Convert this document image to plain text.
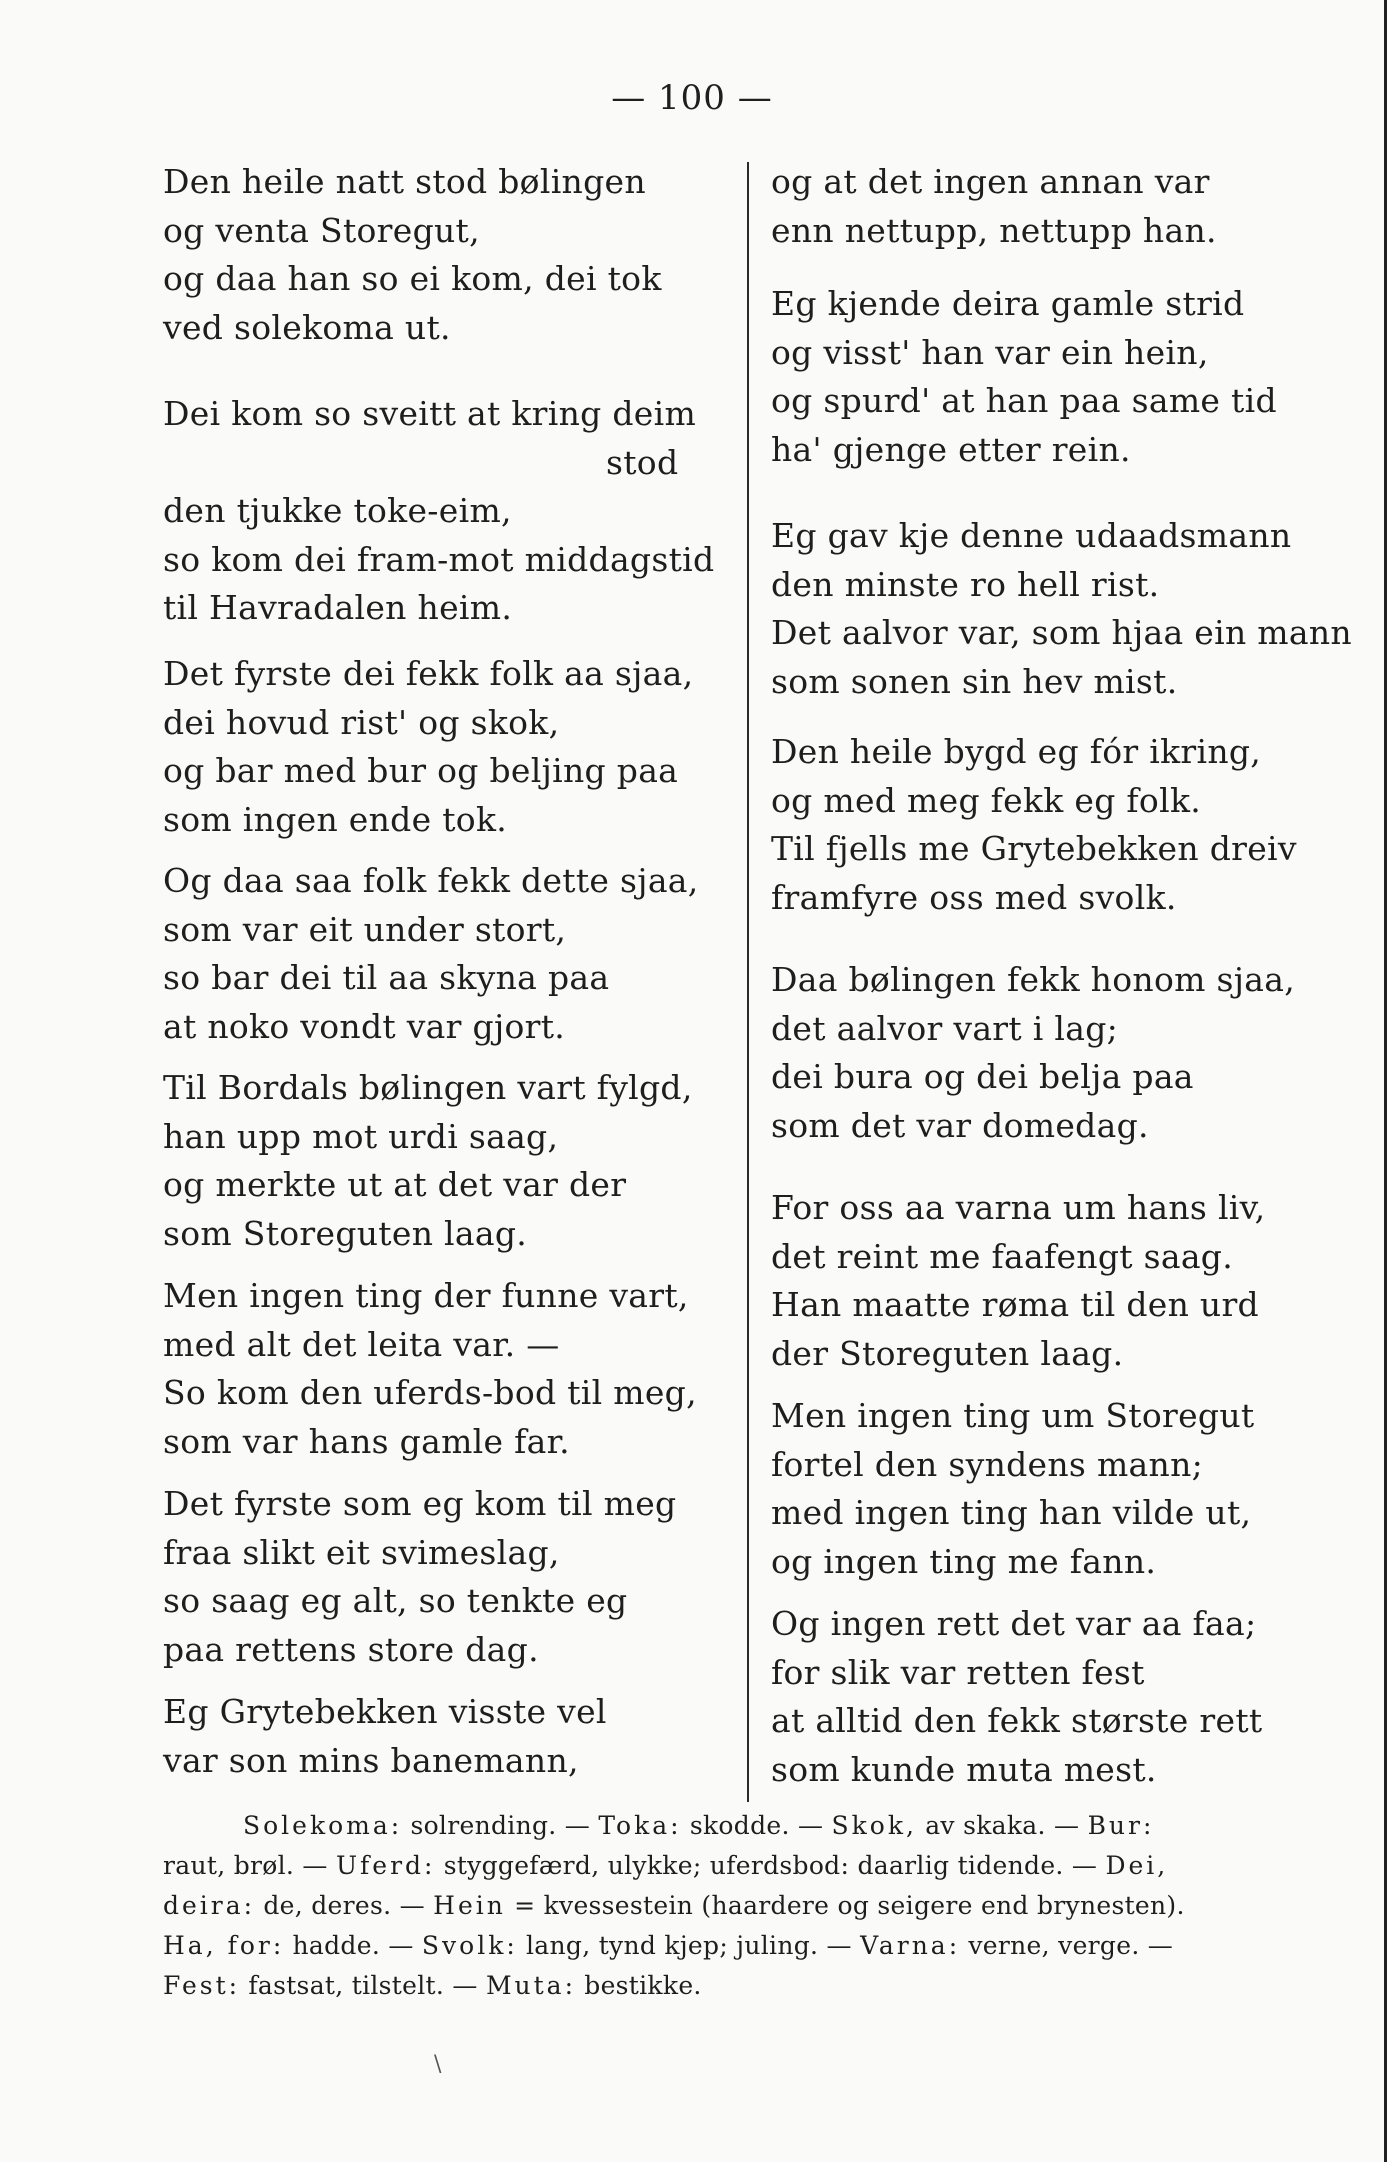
— 100 —
Den heile natt stod bølingen
og venta Storegut,
og daa han so ei kom, dei tok
ved solekoma ut.
Dei kom so sveitt at kring deim
stod
den tjukke toke-eim,
so kom dei fram-mot middagstid
til Havradalen heim.
Det fyrste dei fekk folk aa sjaa,
dei hovud rist' og skok,
og bar med bur og beljing paa
som ingen ende tok.
Og daa saa folk fekk dette sjaa,
som var eit under stort,
so bar dei til aa skyna paa
at noko vondt var gjort.
Til Bordals bølingen vart fylgd,
han upp mot urdi saag,
og merkte ut at det var der
som Storeguten laag.
Men ingen ting der funne vart,
med alt det leita var. —
So kom den uferds-bod til meg,
som var hans gamle far.
Det fyrste som eg kom til meg
fraa slikt eit svimeslag,
so saag eg alt, so tenkte eg
paa rettens store dag.
Eg Grytebekken visste vel
var son mins banemann,
og at det ingen annan var
enn nettupp, nettupp han.
Eg kjende deira gamle strid
og visst' han var ein hein,
og spurd' at han paa same tid
ha' gjenge etter rein.
Eg gav kje denne udaadsmann
den minste ro hell rist.
Det aalvor var, som hjaa ein mann
som sonen sin hev mist.
Den heile bygd eg fór ikring,
og med meg fekk eg folk.
Til fjells me Grytebekken dreiv
framfyre oss med svolk.
Daa bølingen fekk honom sjaa,
det aalvor vart i lag;
dei bura og dei belja paa
som det var domedag.
For oss aa varna um hans liv,
det reint me faafengt saag.
Han maatte røma til den urd
der Storeguten laag.
Men ingen ting um Storegut
fortel den syndens mann;
med ingen ting han vilde ut,
og ingen ting me fann.
Og ingen rett det var aa faa;
for slik var retten fest
at alltid den fekk største rett
som kunde muta mest.
Solekoma: solrending. — Toka: skodde. — Skok, av skaka. — Bur:
raut, brøl. — Uferd: styggefærd, ulykke; uferdsbod: daarlig tidende. — Dei,
deira: de, deres. — Hein = kvessestein (haardere og seigere end brynesten).
Ha, for: hadde. — Svolk: lang, tynd kjep; juling. — Varna: verne, verge. —
Fest: fastsat, tilstelt. — Muta: bestikke.
\
